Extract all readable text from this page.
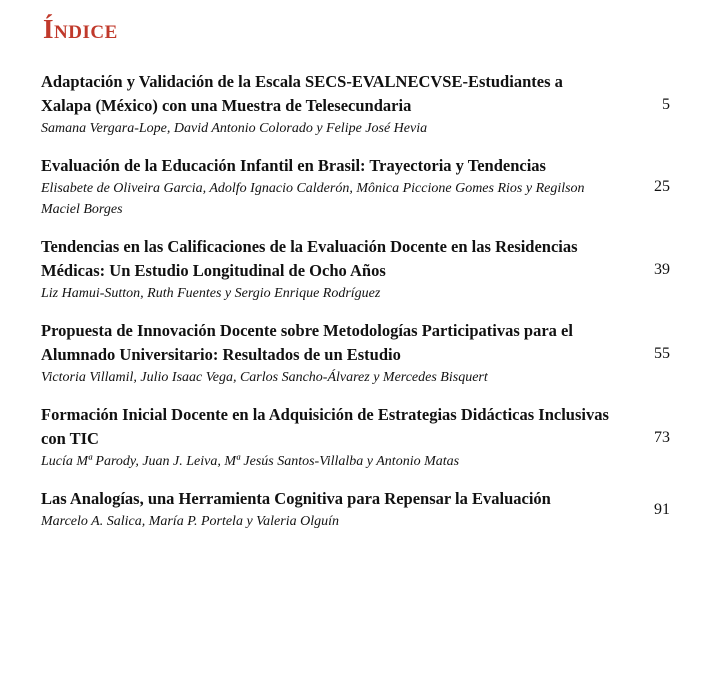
Índice
Adaptación y Validación de la Escala SECS-EVALNECVSE-Estudiantes a Xalapa (México) con una Muestra de Telesecundaria
Samana Vergara-Lope, David Antonio Colorado y Felipe José Hevia
5
Evaluación de la Educación Infantil en Brasil: Trayectoria y Tendencias
Elisabete de Oliveira Garcia, Adolfo Ignacio Calderón, Mônica Piccione Gomes Rios y Regilson Maciel Borges
25
Tendencias en las Calificaciones de la Evaluación Docente en las Residencias Médicas: Un Estudio Longitudinal de Ocho Años
Liz Hamui-Sutton, Ruth Fuentes y Sergio Enrique Rodríguez
39
Propuesta de Innovación Docente sobre Metodologías Participativas para el Alumnado Universitario: Resultados de un Estudio
Victoria Villamil, Julio Isaac Vega, Carlos Sancho-Álvarez y Mercedes Bisquert
55
Formación Inicial Docente en la Adquisición de Estrategias Didácticas Inclusivas con TIC
Lucía Mª Parody, Juan J. Leiva, Mª Jesús Santos-Villalba y Antonio Matas
73
Las Analogías, una Herramienta Cognitiva para Repensar la Evaluación
Marcelo A. Salica, María P. Portela y Valeria Olguín
91
